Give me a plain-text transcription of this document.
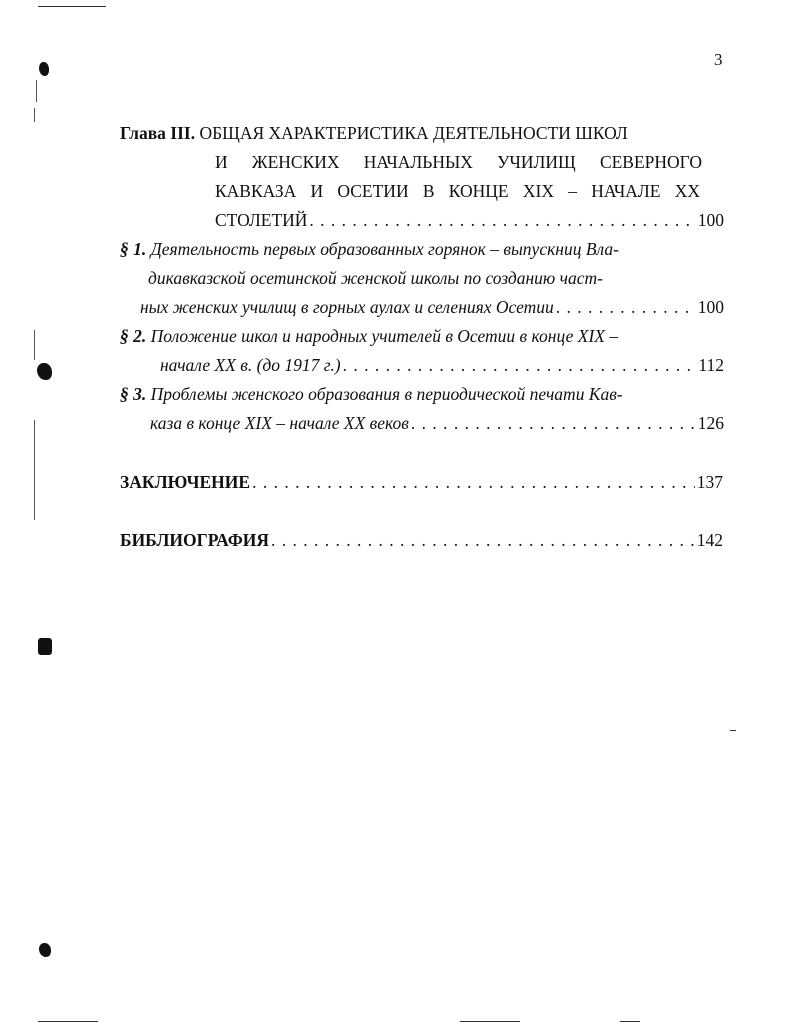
3
Глава III. ОБЩАЯ ХАРАКТЕРИСТИКА ДЕЯТЕЛЬНОСТИ ШКОЛ
И ЖЕНСКИХ НАЧАЛЬНЫХ УЧИЛИЩ СЕВЕРНОГО
КАВКАЗА И ОСЕТИИ В КОНЦЕ XIX – НАЧАЛЕ XX
СТОЛЕТИЙ . . .	100
§ 1. Деятельность первых образованных горянок – выпускниц Вла-
дикавказской осетинской женской школы по созданию част-
ных женских училищ в горных аулах и селениях Осетии . . .	100
§ 2. Положение школ и народных учителей в Осетии в конце XIX –
начале XX в. (до 1917 г.) . . .	112
§ 3. Проблемы женского образования в периодической печати Кав-
каза в конце XIX – начале XX веков . . .	126
ЗАКЛЮЧЕНИЕ . . .	137
БИБЛИОГРАФИЯ . . .	142
